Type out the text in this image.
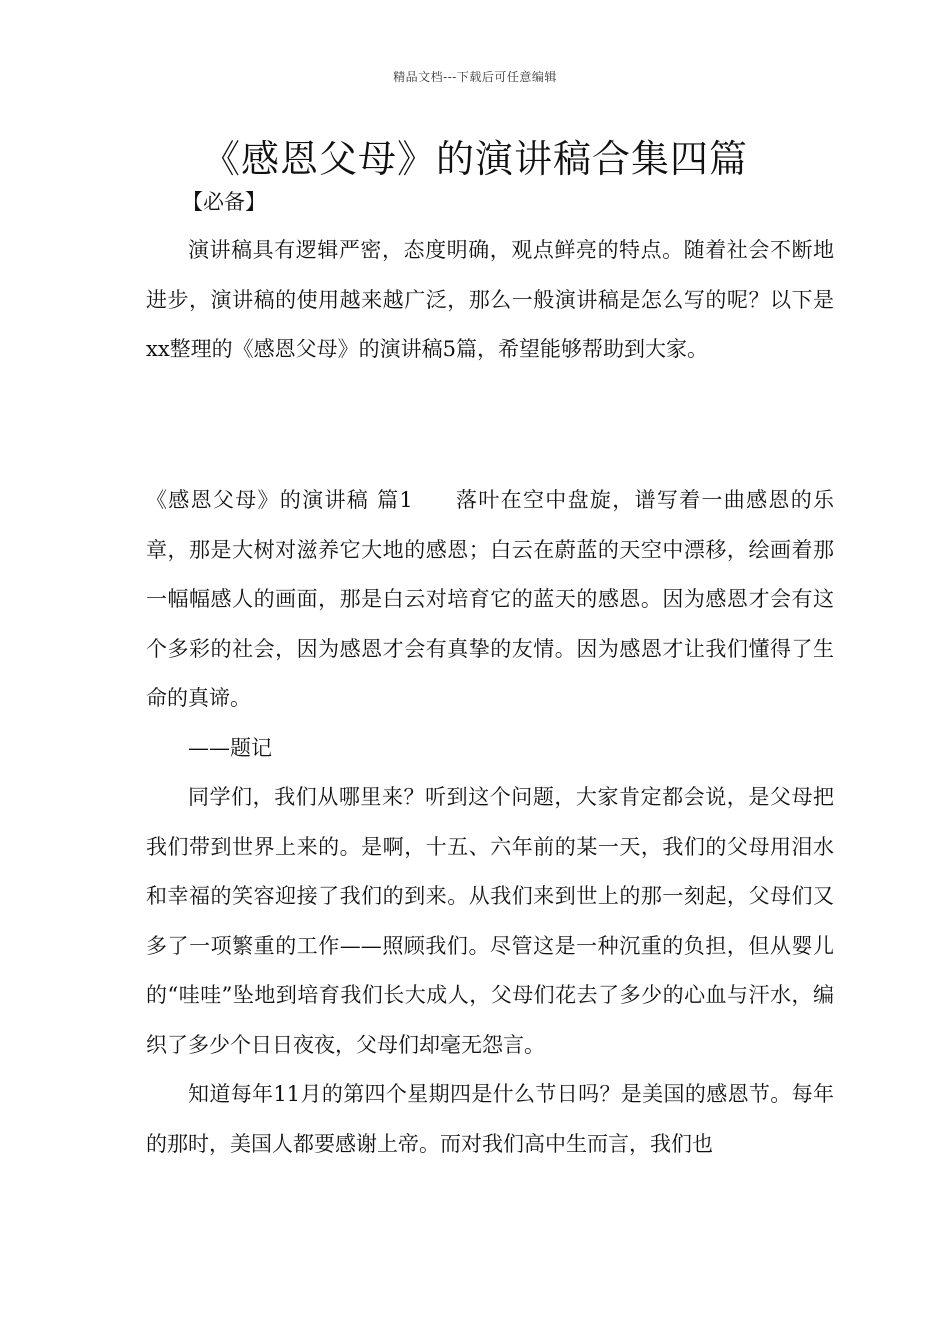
精品文档---下载后可任意编辑
《感恩父母》的演讲稿合集四篇
【必备】

演讲稿具有逻辑严密，态度明确，观点鲜亮的特点。随着社会不断地进步，演讲稿的使用越来越广泛，那么一般演讲稿是怎么写的呢？以下是xx整理的《感恩父母》的演讲稿5篇，希望能够帮助到大家。

《感恩父母》的演讲稿 篇1 落叶在空中盘旋，谱写着一曲感恩的乐章，那是大树对滋养它大地的感恩；白云在蔚蓝的天空中漂移，绘画着那一幅幅感人的画面，那是白云对培育它的蓝天的感恩。因为感恩才会有这个多彩的社会，因为感恩才会有真挚的友情。因为感恩才让我们懂得了生命的真谛。

——题记

同学们，我们从哪里来？听到这个问题，大家肯定都会说，是父母把我们带到世界上来的。是啊，十五、六年前的某一天，我们的父母用泪水和幸福的笑容迎接了我们的到来。从我们来到世上的那一刻起，父母们又多了一项繁重的工作——照顾我们。尽管这是一种沉重的负担，但从婴儿的“哇哇”坠地到培育我们长大成人，父母们花去了多少的心血与汗水，编织了多少个日日夜夜，父母们却毫无怨言。

知道每年11月的第四个星期四是什么节日吗？是美国的感恩节。每年的那时，美国人都要感谢上帝。而对我们高中生而言，我们也
